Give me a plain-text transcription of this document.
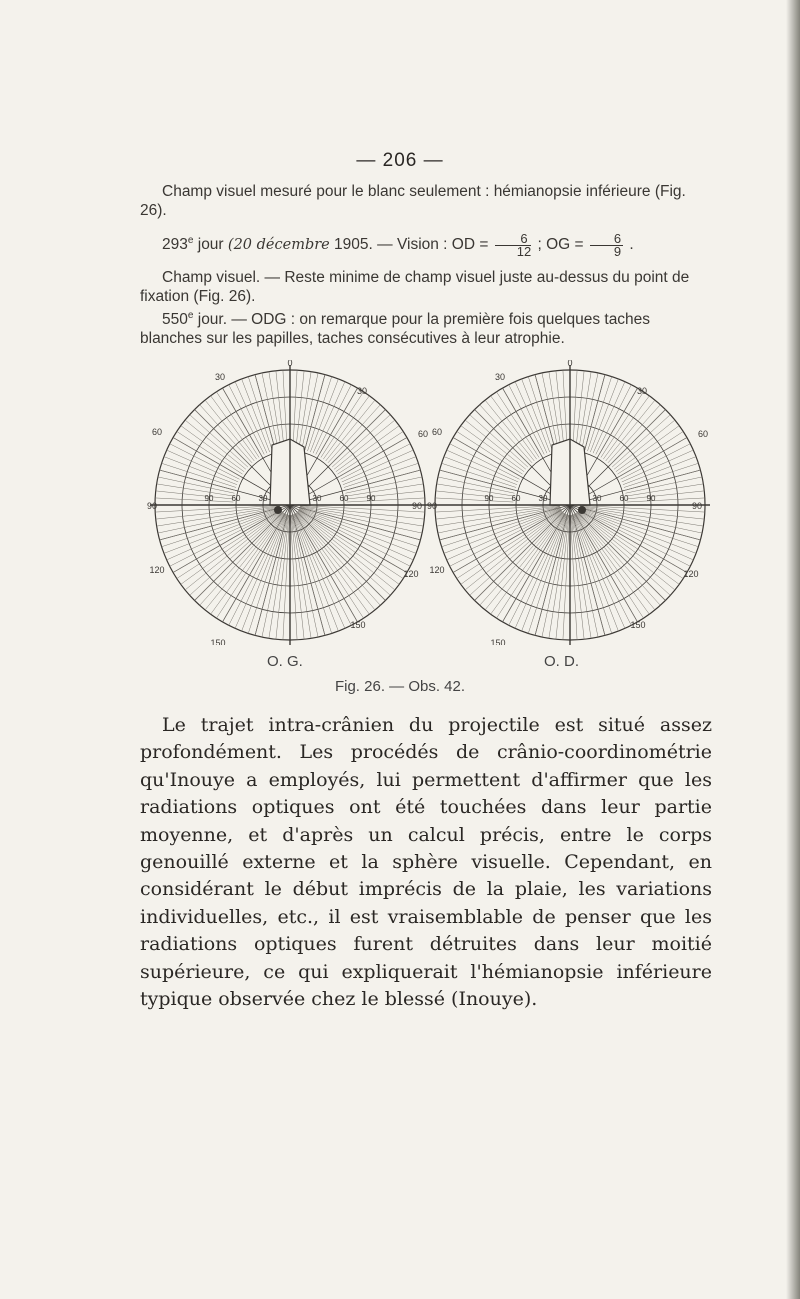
— 206 —

Champ visuel mesuré pour le blanc seulement : hémianopsie inférieure (Fig. 26).

293e jour (20 décembre 1905. — Vision : OD = $\frac{6}{12}$ ; OG = $\frac{6}{9}$ .

Champ visuel. — Reste minime de champ visuel juste au-dessus du point de fixation (Fig. 26).

550e jour. — ODG : on remarque pour la première fois quelques taches blanches sur les papilles, taches consécutives à leur atrophie.

0
30
30
60	60
90	90
120	120
150
150
90 60 30	30 60 90
0
30
30
60	60
90	90
120	120
150
150
90 60 30	30 60 90
O. G.	O. D.
Fig. 26. — Obs. 42.

Le trajet intra-crânien du projectile est situé assez profondément. Les procédés de crânio-coordinométrie qu'Inouye a employés, lui permettent d'affirmer que les radiations optiques ont été touchées dans leur partie moyenne, et d'après un calcul précis, entre le corps genouillé externe et la sphère visuelle. Cependant, en considérant le début imprécis de la plaie, les variations individuelles, etc., il est vraisemblable de penser que les radiations optiques furent détruites dans leur moitié supérieure, ce qui expliquerait l'hémianopsie inférieure typique observée chez le blessé (Inouye).
